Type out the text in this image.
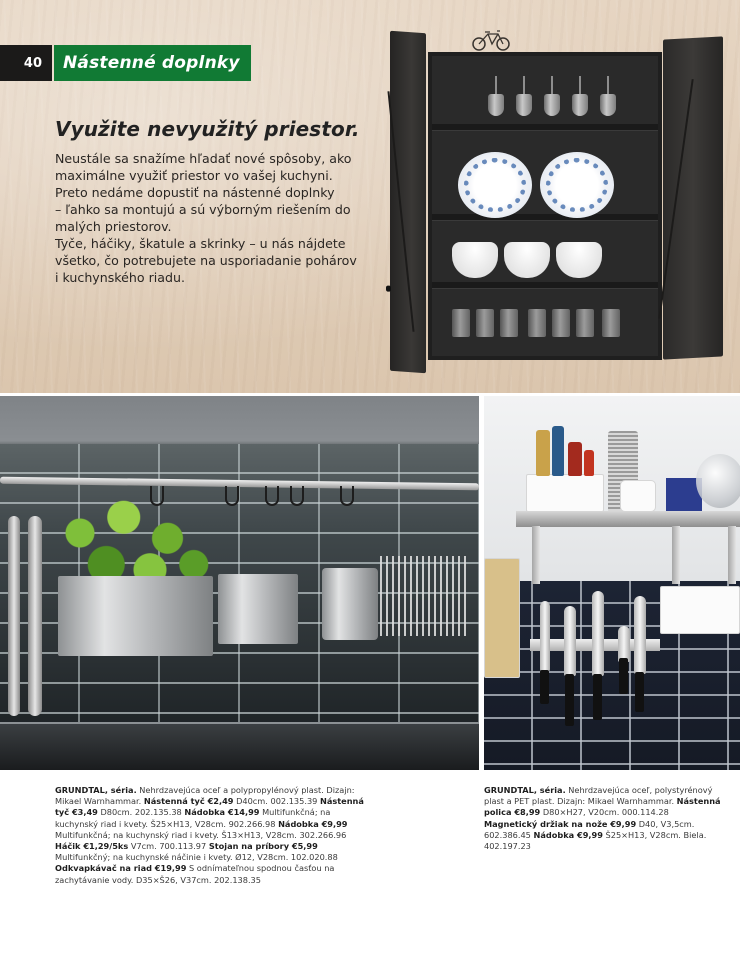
40 Nástenné doplnky
Využite nevyužitý priestor.

Neustále sa snažíme hľadať nové spôsoby, ako

maximálne využiť priestor vo vašej kuchyni.

Preto nedáme dopustiť na nástenné doplnky

– ľahko sa montujú a sú výborným riešením do

malých priestorov.

Tyče, háčiky, škatule a skrinky – u nás nájdete

všetko, čo potrebujete na usporiadanie pohárov

i kuchynského riadu.

GRUNDTAL, séria. Nehrdzavejúca oceľ a polypropylénový plast. Dizajn: Mikael Warnhammar. Nástenná tyč €2,49 D40cm. 002.135.39 Nástenná tyč €3,49 D80cm. 202.135.38 Nádobka €14,99 Multifunkčná; na kuchynský riad i kvety. Š25×H13, V28cm. 902.266.98 Nádobka €9,99 Multifunkčná; na kuchynský riad i kvety. Š13×H13, V28cm. 302.266.96 Háčik €1,29/5ks V7cm. 700.113.97 Stojan na príbory €5,99 Multifunkčný; na kuchynské náčinie i kvety. Ø12, V28cm. 102.020.88 Odkvapkávač na riad €19,99 S odnímateľnou spodnou časťou na zachytávanie vody. D35×Š26, V37cm. 202.138.35
GRUNDTAL, séria. Nehrdzavejúca oceľ, polystyrénový plast a PET plast. Dizajn: Mikael Warnhammar. Nástenná polica €8,99 D80×H27, V20cm. 000.114.28 Magnetický držiak na nože €9,99 D40, V3,5cm. 602.386.45 Nádobka €9,99 Š25×H13, V28cm. Biela. 402.197.23
